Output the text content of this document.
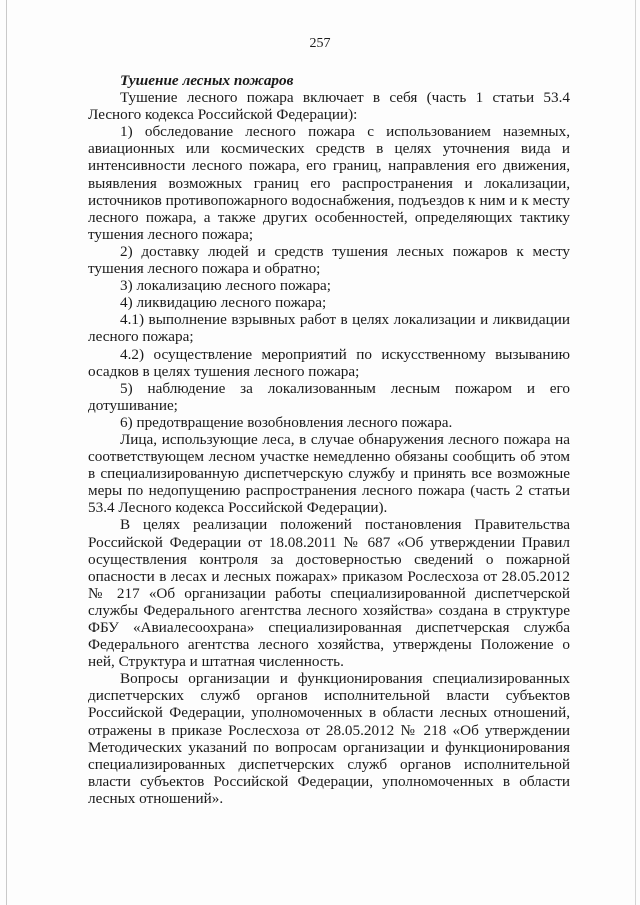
257

Тушение лесных пожаров

Тушение лесного пожара включает в себя (часть 1 статьи 53.4 Лесного кодекса Российской Федерации):

1) обследование лесного пожара с использованием наземных, авиационных или космических средств в целях уточнения вида и интенсивности лесного пожара, его границ, направления его движения, выявления возможных границ его распространения и локализации, источников противопожарного водоснабжения, подъездов к ним и к месту лесного пожара, а также других особенностей, определяющих тактику тушения лесного пожара;

2) доставку людей и средств тушения лесных пожаров к месту тушения лесного пожара и обратно;

3) локализацию лесного пожара;

4) ликвидацию лесного пожара;

4.1) выполнение взрывных работ в целях локализации и ликвидации лесного пожара;

4.2) осуществление мероприятий по искусственному вызыванию осадков в целях тушения лесного пожара;

5) наблюдение за локализованным лесным пожаром и его дотушивание;

6) предотвращение возобновления лесного пожара.

Лица, использующие леса, в случае обнаружения лесного пожара на соответствующем лесном участке немедленно обязаны сообщить об этом в специализированную диспетчерскую службу и принять все возможные меры по недопущению распространения лесного пожара (часть 2 статьи 53.4 Лесного кодекса Российской Федерации).

В целях реализации положений постановления Правительства Российской Федерации от 18.08.2011 № 687 «Об утверждении Правил осуществления контроля за достоверностью сведений о пожарной опасности в лесах и лесных пожарах» приказом Рослесхоза от 28.05.2012 № 217 «Об организации работы специализированной диспетчерской службы Федерального агентства лесного хозяйства» создана в структуре ФБУ «Авиалесоохрана» специализированная диспетчерская служба Федерального агентства лесного хозяйства, утверждены Положение о ней, Структура и штатная численность.

Вопросы организации и функционирования специализированных диспетчерских служб органов исполнительной власти субъектов Российской Федерации, уполномоченных в области лесных отношений, отражены в приказе Рослесхоза от 28.05.2012 № 218 «Об утверждении Методических указаний по вопросам организации и функционирования специализированных диспетчерских служб органов исполнительной власти субъектов Российской Федерации, уполномоченных в области лесных отношений».
